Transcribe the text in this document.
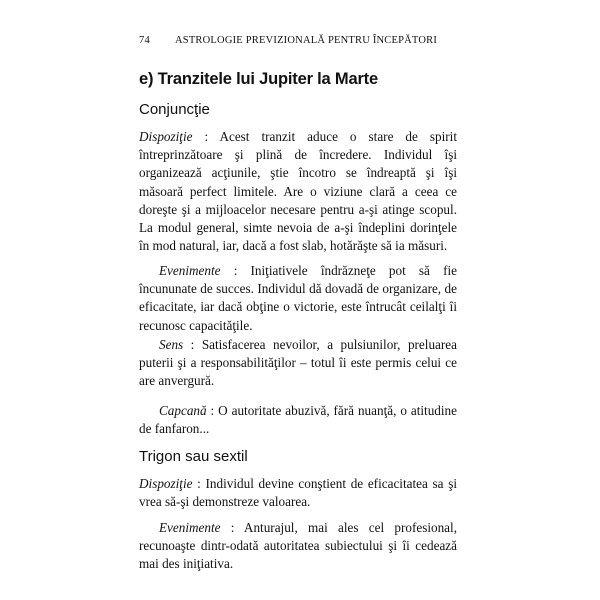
74 ASTROLOGIE PREVIZIONALĂ PENTRU ÎNCEPĂTORI
e) Tranzitele lui Jupiter la Marte
Conjuncţie

Dispoziţie : Acest tranzit aduce o stare de spirit întreprinzătoare şi plină de încredere. Individul îşi organizează acţiunile, ştie încotro se îndreaptă şi îşi măsoară perfect limitele. Are o viziune clară a ceea ce doreşte şi a mijloacelor necesare pentru a-şi atinge scopul. La modul general, simte nevoia de a-şi îndeplini dorinţele în mod natural, iar, dacă a fost slab, hotărăşte să ia măsuri.

Evenimente : Iniţiativele îndrăzneţe pot să fie încununate de succes. Individul dă dovadă de organizare, de eficacitate, iar dacă obţine o victorie, este întrucât ceilalţi îi recunosc capacităţile.

Sens : Satisfacerea nevoilor, a pulsiunilor, preluarea puterii şi a responsabilităţilor – totul îi este permis celui ce are anvergură.

Capcană : O autoritate abuzivă, fără nuanţă, o atitudine de fanfaron...

Trigon sau sextil

Dispoziţie : Individul devine conştient de eficacitatea sa şi vrea să-şi demonstreze valoarea.

Evenimente : Anturajul, mai ales cel profesional, recunoaşte dintr-odată autoritatea subiectului şi îi cedează mai des iniţiativa.
